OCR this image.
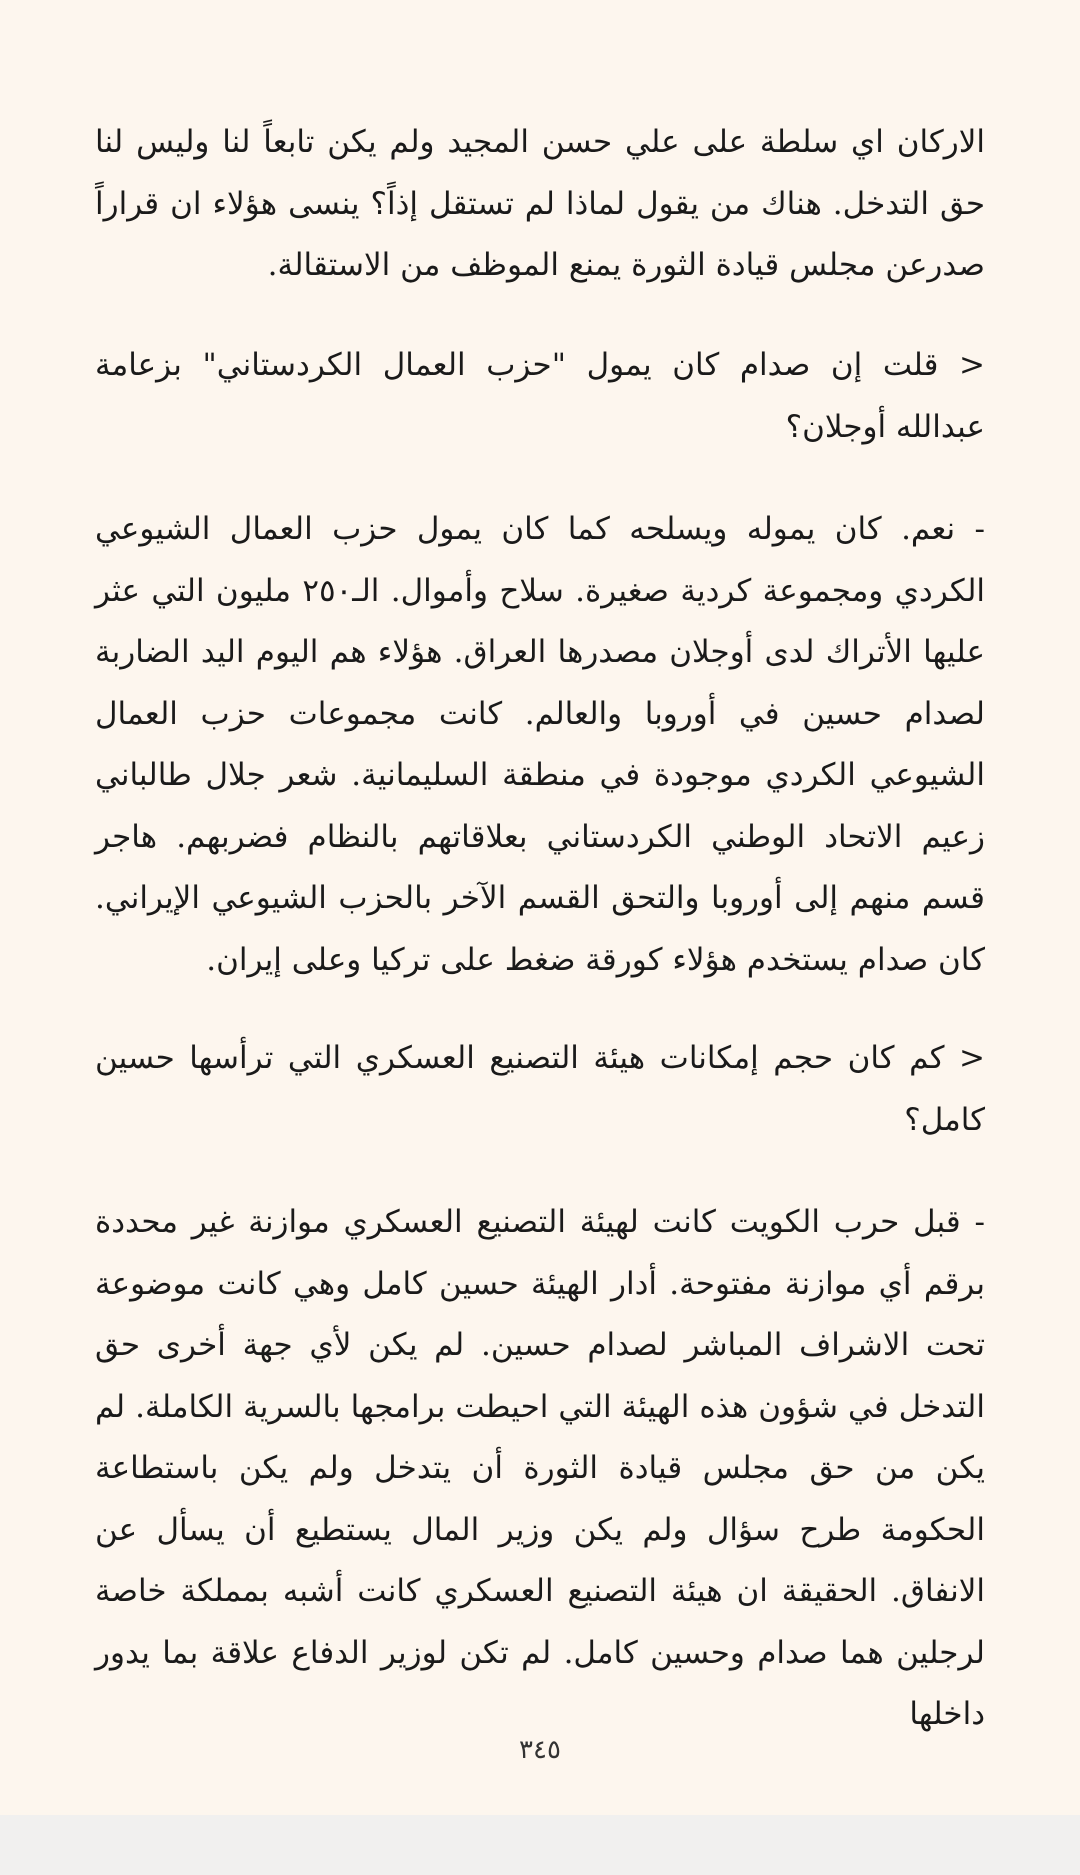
الاركان اي سلطة على علي حسن المجيد ولم يكن تابعاً لنا وليس لنا حق التدخل. هناك من يقول لماذا لم تستقل إذاً؟ ينسى هؤلاء ان قراراً صدرعن مجلس قيادة الثورة يمنع الموظف من الاستقالة.

< قلت إن صدام كان يمول "حزب العمال الكردستاني" بزعامة عبدالله أوجلان؟

- نعم. كان يموله ويسلحه كما كان يمول حزب العمال الشيوعي الكردي ومجموعة كردية صغيرة. سلاح وأموال. الـ٢٥٠ مليون التي عثر عليها الأتراك لدى أوجلان مصدرها العراق. هؤلاء هم اليوم اليد الضاربة لصدام حسين في أوروبا والعالم. كانت مجموعات حزب العمال الشيوعي الكردي موجودة في منطقة السليمانية. شعر جلال طالباني زعيم الاتحاد الوطني الكردستاني بعلاقاتهم بالنظام فضربهم. هاجر قسم منهم إلى أوروبا والتحق القسم الآخر بالحزب الشيوعي الإيراني. كان صدام يستخدم هؤلاء كورقة ضغط على تركيا وعلى إيران.

< كم كان حجم إمكانات هيئة التصنيع العسكري التي ترأسها حسين كامل؟

- قبل حرب الكويت كانت لهيئة التصنيع العسكري موازنة غير محددة برقم أي موازنة مفتوحة. أدار الهيئة حسين كامل وهي كانت موضوعة تحت الاشراف المباشر لصدام حسين. لم يكن لأي جهة أخرى حق التدخل في شؤون هذه الهيئة التي احيطت برامجها بالسرية الكاملة. لم يكن من حق مجلس قيادة الثورة أن يتدخل ولم يكن باستطاعة الحكومة طرح سؤال ولم يكن وزير المال يستطيع أن يسأل عن الانفاق. الحقيقة ان هيئة التصنيع العسكري كانت أشبه بمملكة خاصة لرجلين هما صدام وحسين كامل. لم تكن لوزير الدفاع علاقة بما يدور داخلها

٣٤٥
